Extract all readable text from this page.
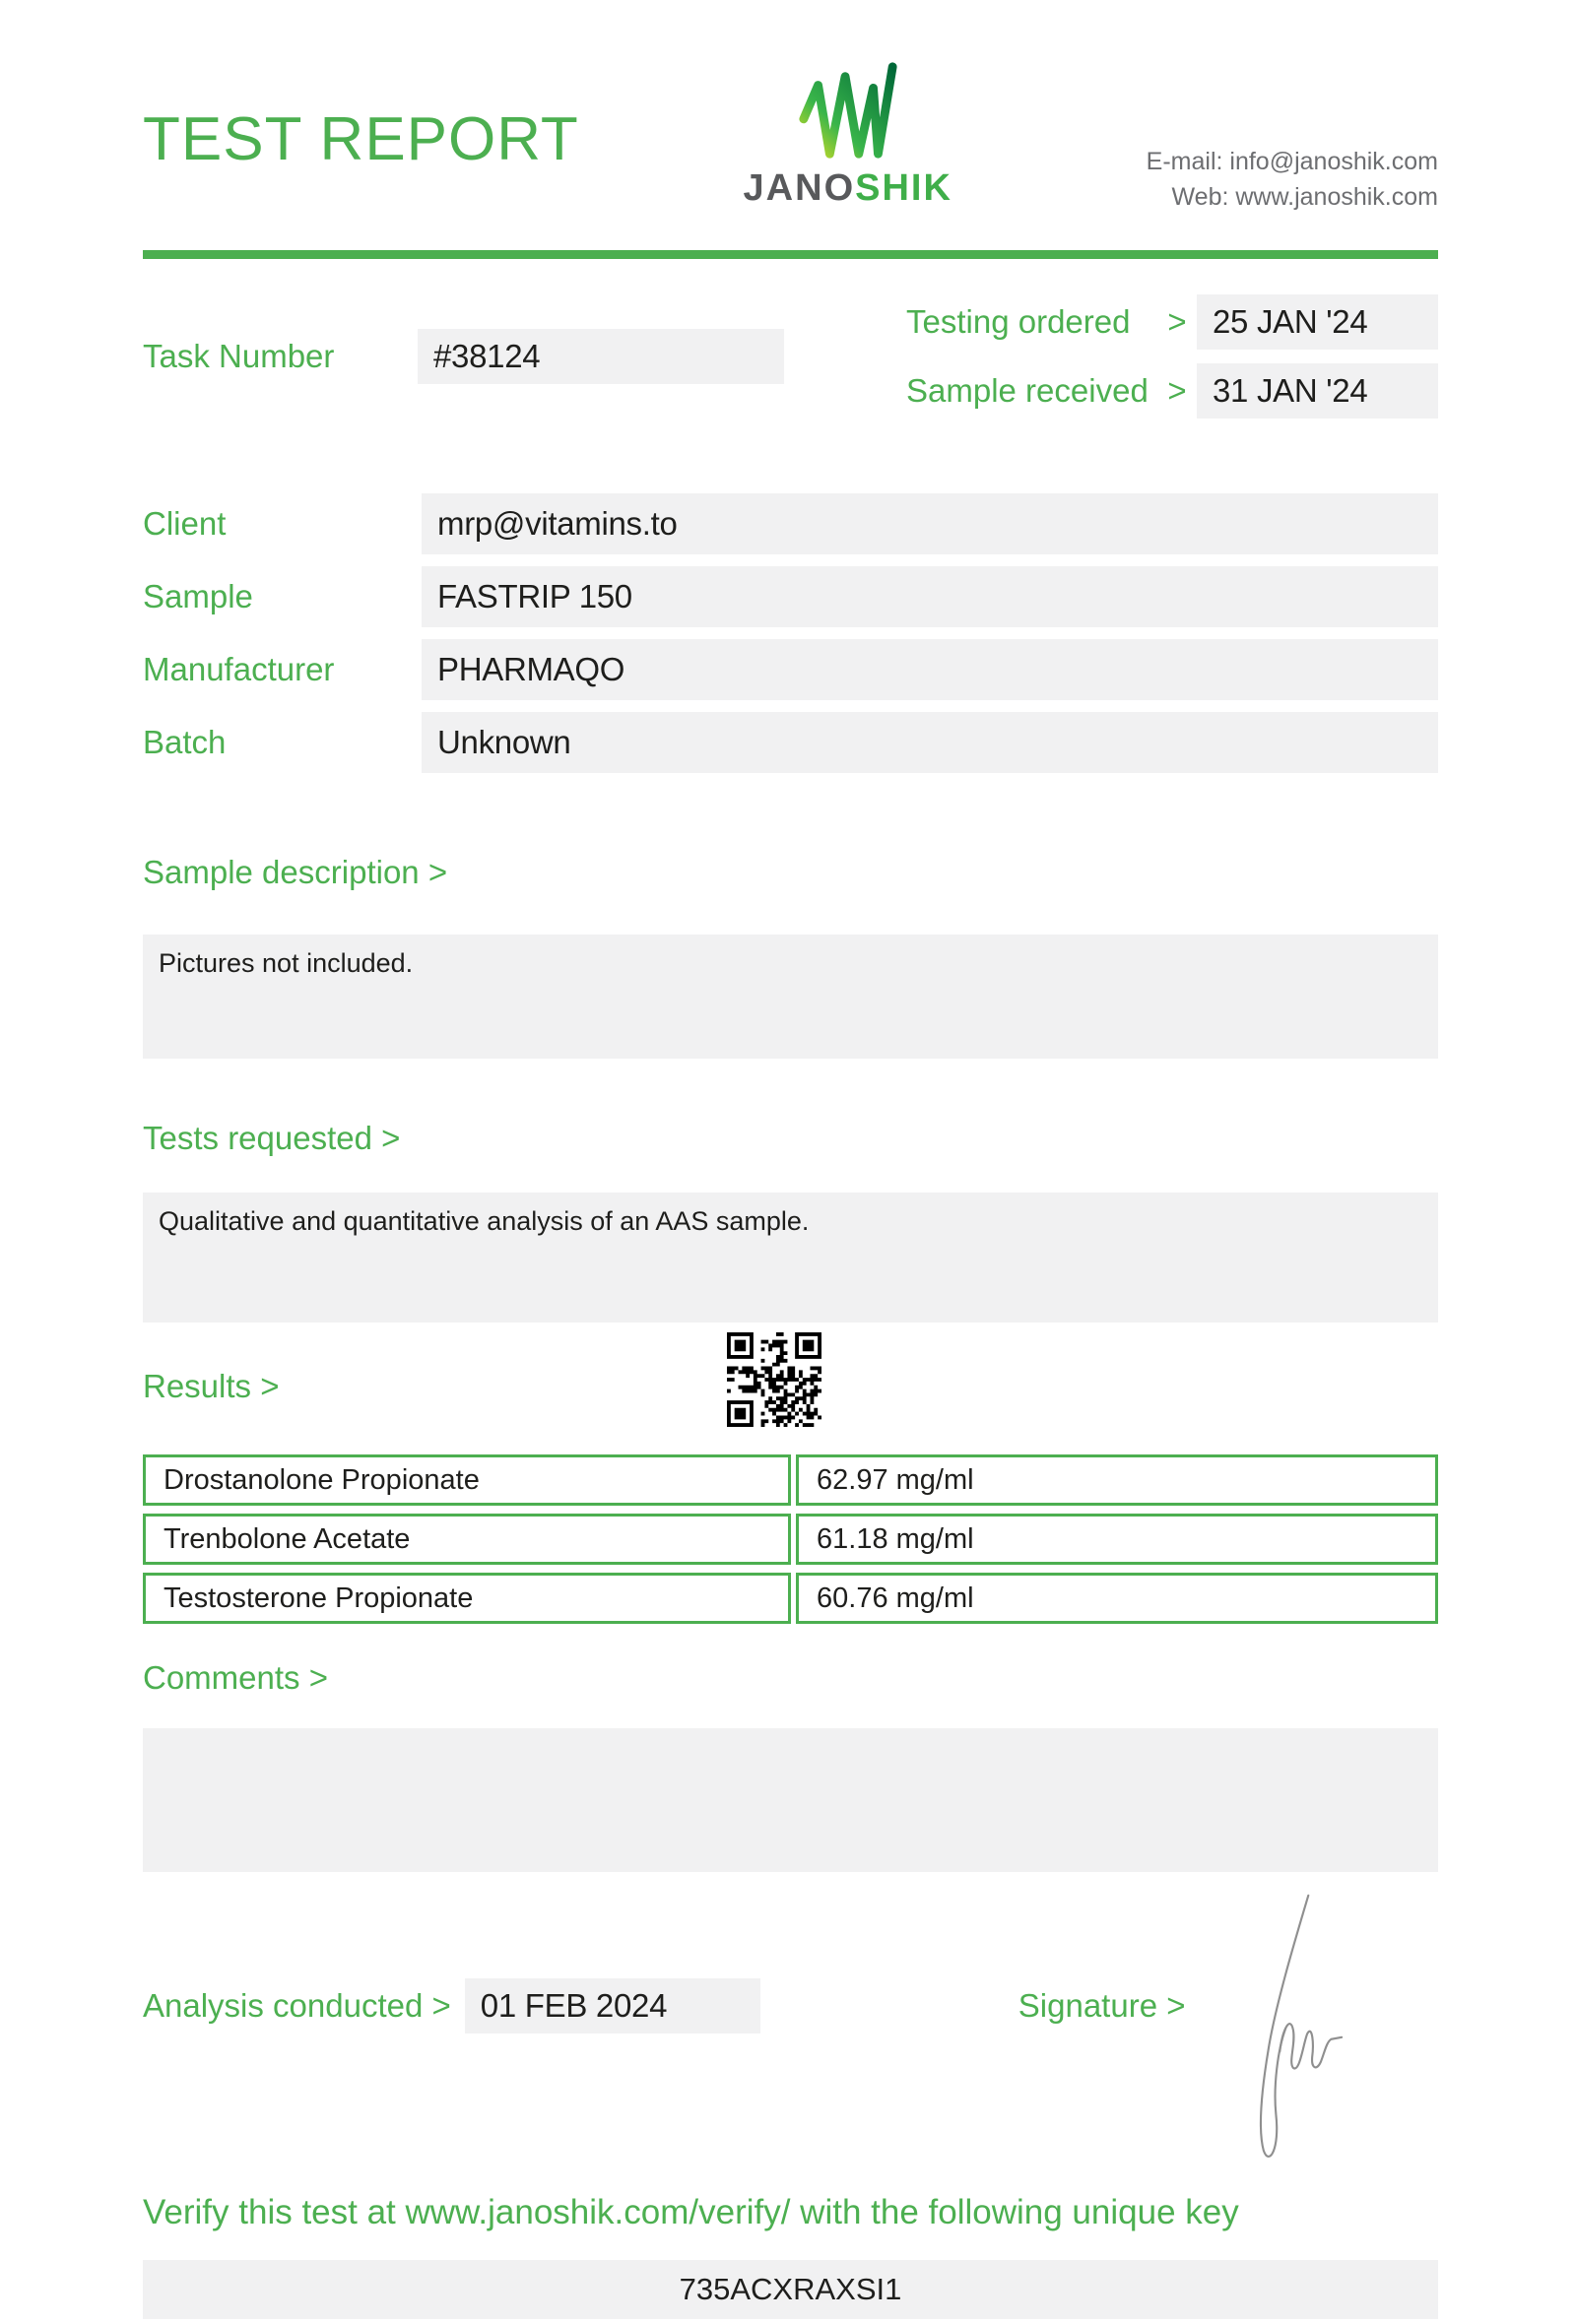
TEST REPORT
JANOSHIK
E-mail: info@janoshik.com
Web: www.janoshik.com
Task Number	#38124
Testing ordered	> 25 JAN '24
Sample received > 31 JAN '24
Client	mrp@vitamins.to
Sample	FASTRIP 150
Manufacturer	PHARMAQO
Batch	Unknown
Sample description >
Pictures not included.
Tests requested >
Qualitative and quantitative analysis of an AAS sample.
Results >
Drostanolone Propionate	62.97 mg/ml
Trenbolone Acetate	61.18 mg/ml
Testosterone Propionate	60.76 mg/ml
Comments >
Analysis conducted > 01 FEB 2024	Signature >
Verify this test at www.janoshik.com/verify/ with the following unique key
735ACXRAXSI1
